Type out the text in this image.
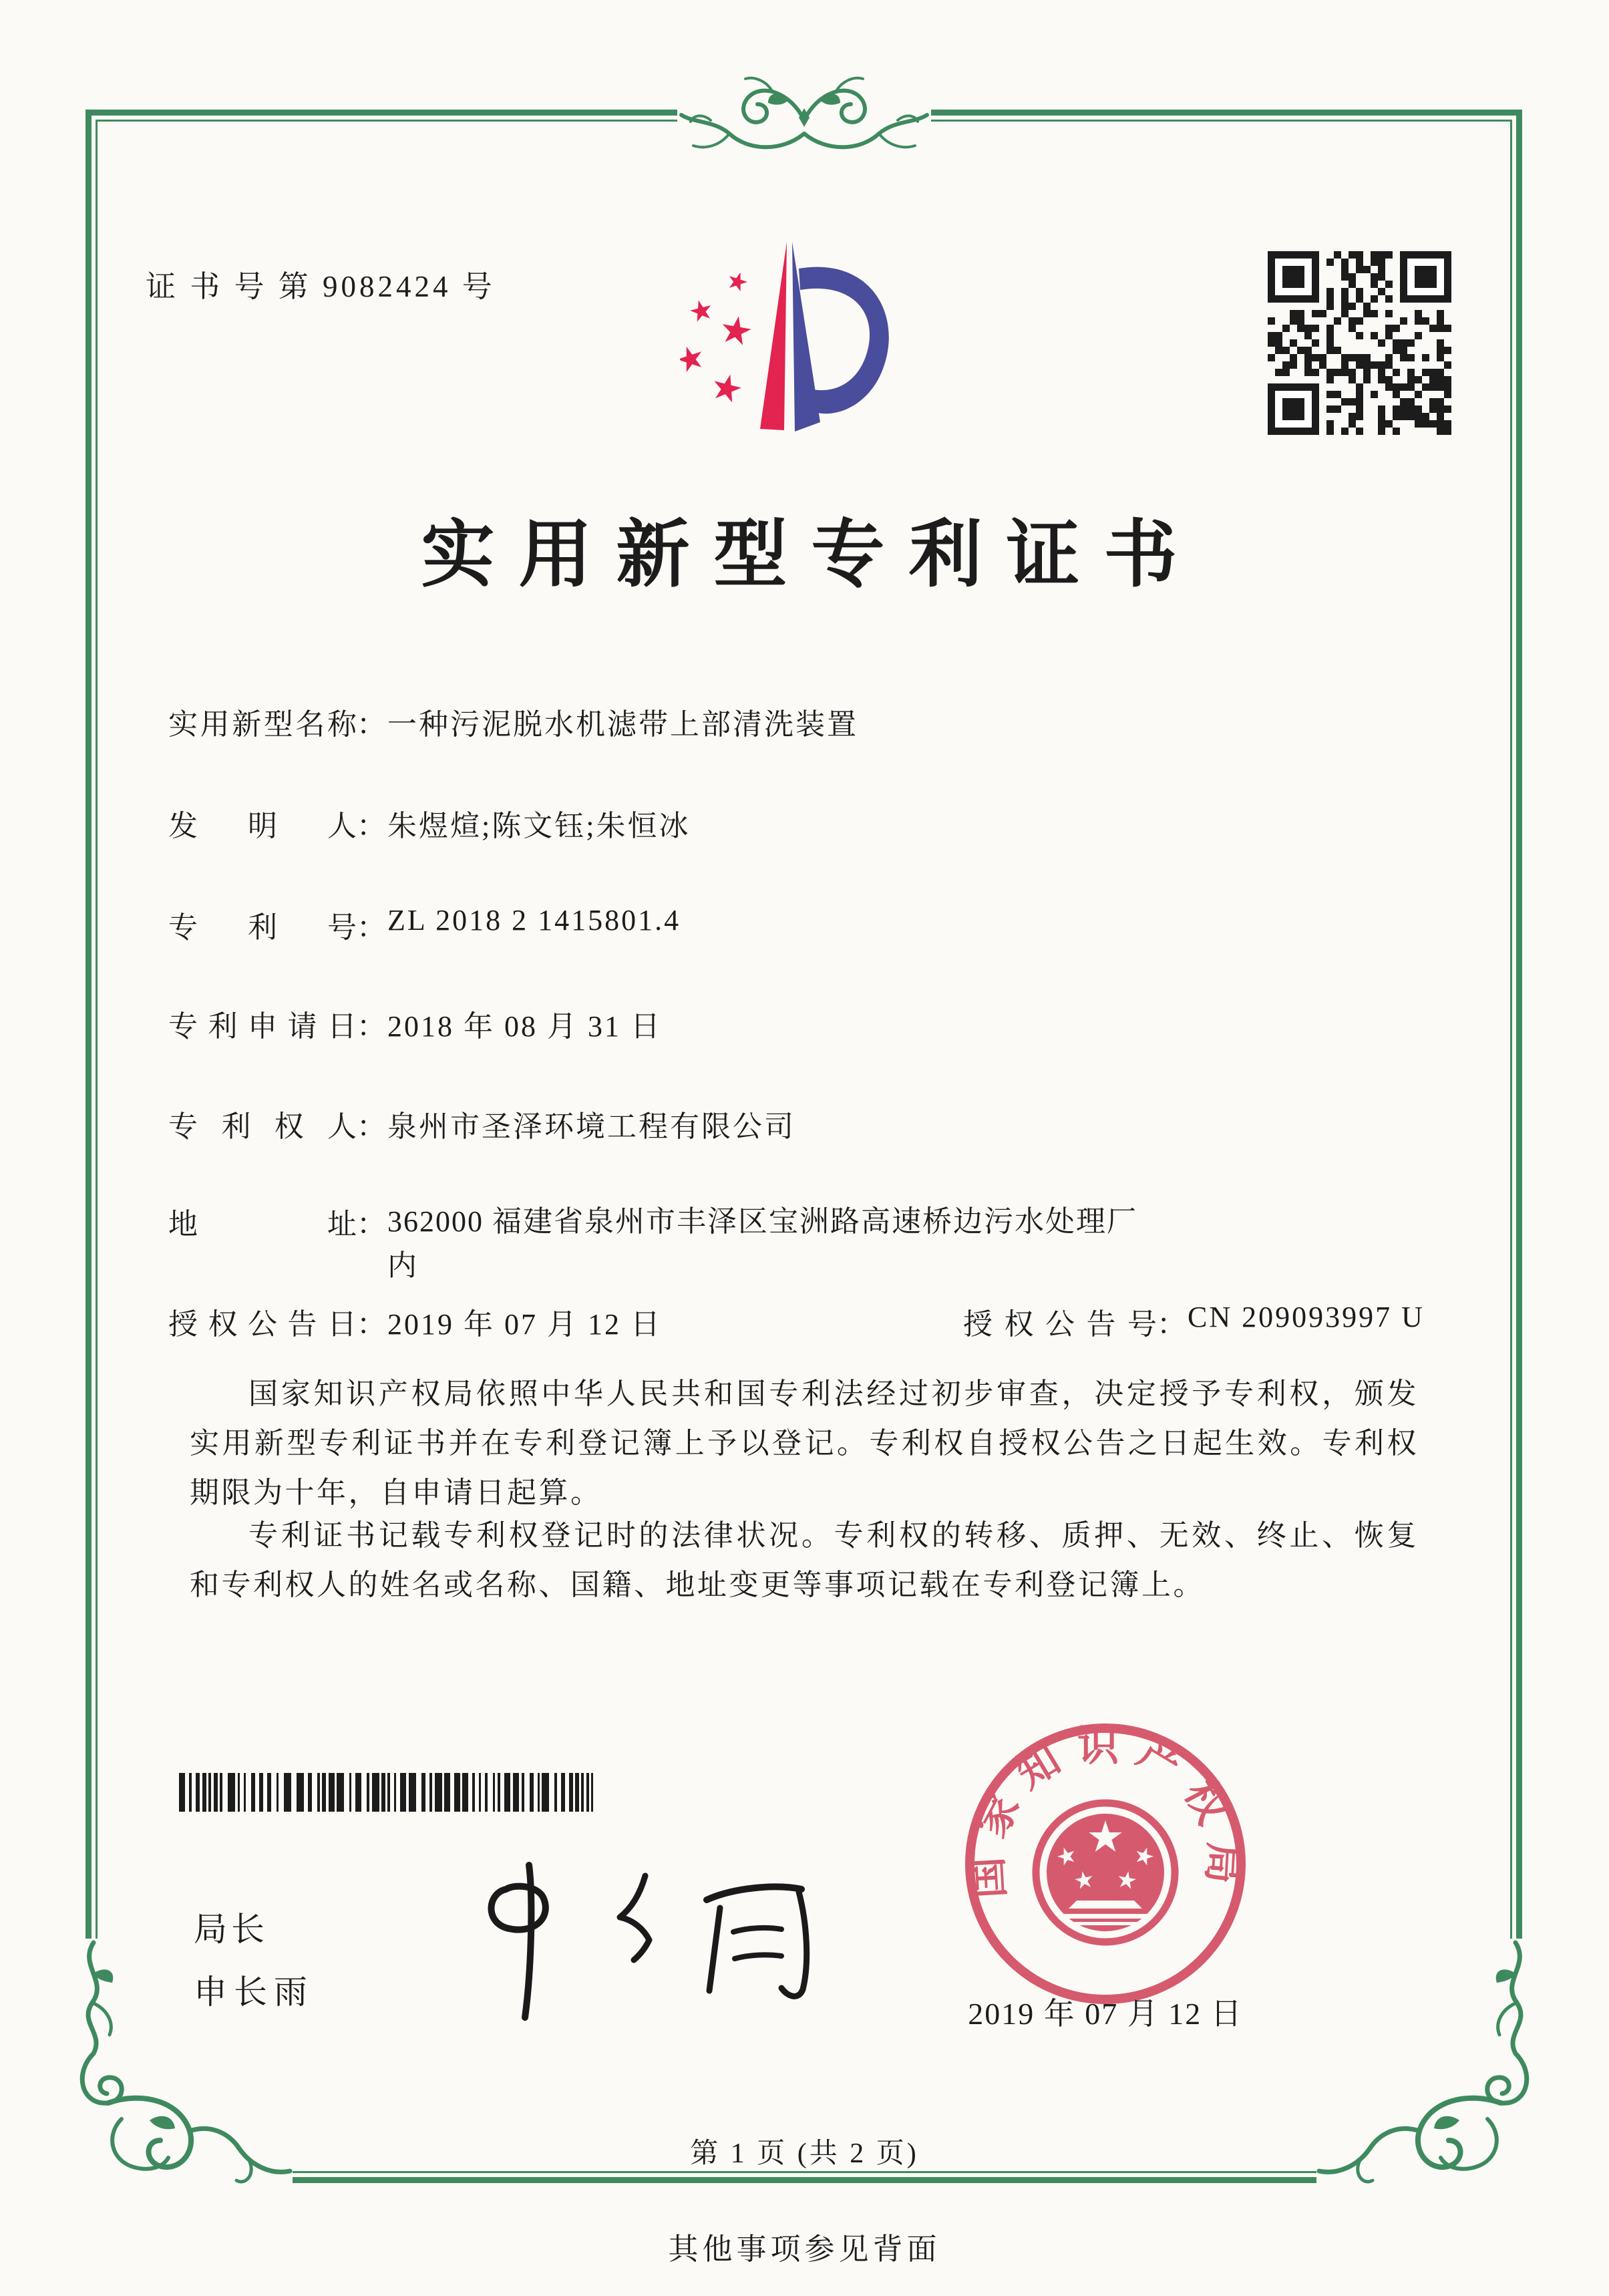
证 书 号 第 9082424 号
实用新型专利证书
实用新型名称：一种污泥脱水机滤带上部清洗装置
发明人：朱煜煊;陈文钰;朱恒冰
专利号：ZL 2018 2 1415801.4
专利申请日：2018 年 08 月 31 日
专利权人：泉州市圣泽环境工程有限公司
地址：362000 福建省泉州市丰泽区宝洲路高速桥边污水处理厂
内
授权公告日：2019 年 07 月 12 日	授权公告号：CN 209093997 U
国家知识产权局依照中华人民共和国专利法经过初步审查，决定授予专利权，颁发实用新型专利证书并在专利登记簿上予以登记。专利权自授权公告之日起生效。专利权期限为十年，自申请日起算。
专利证书记载专利权登记时的法律状况。专利权的转移、质押、无效、终止、恢复和专利权人的姓名或名称、国籍、地址变更等事项记载在专利登记簿上。
局长
申长雨
国家知识产权局
2019 年 07 月 12 日
第 1 页 (共 2 页)
其他事项参见背面
